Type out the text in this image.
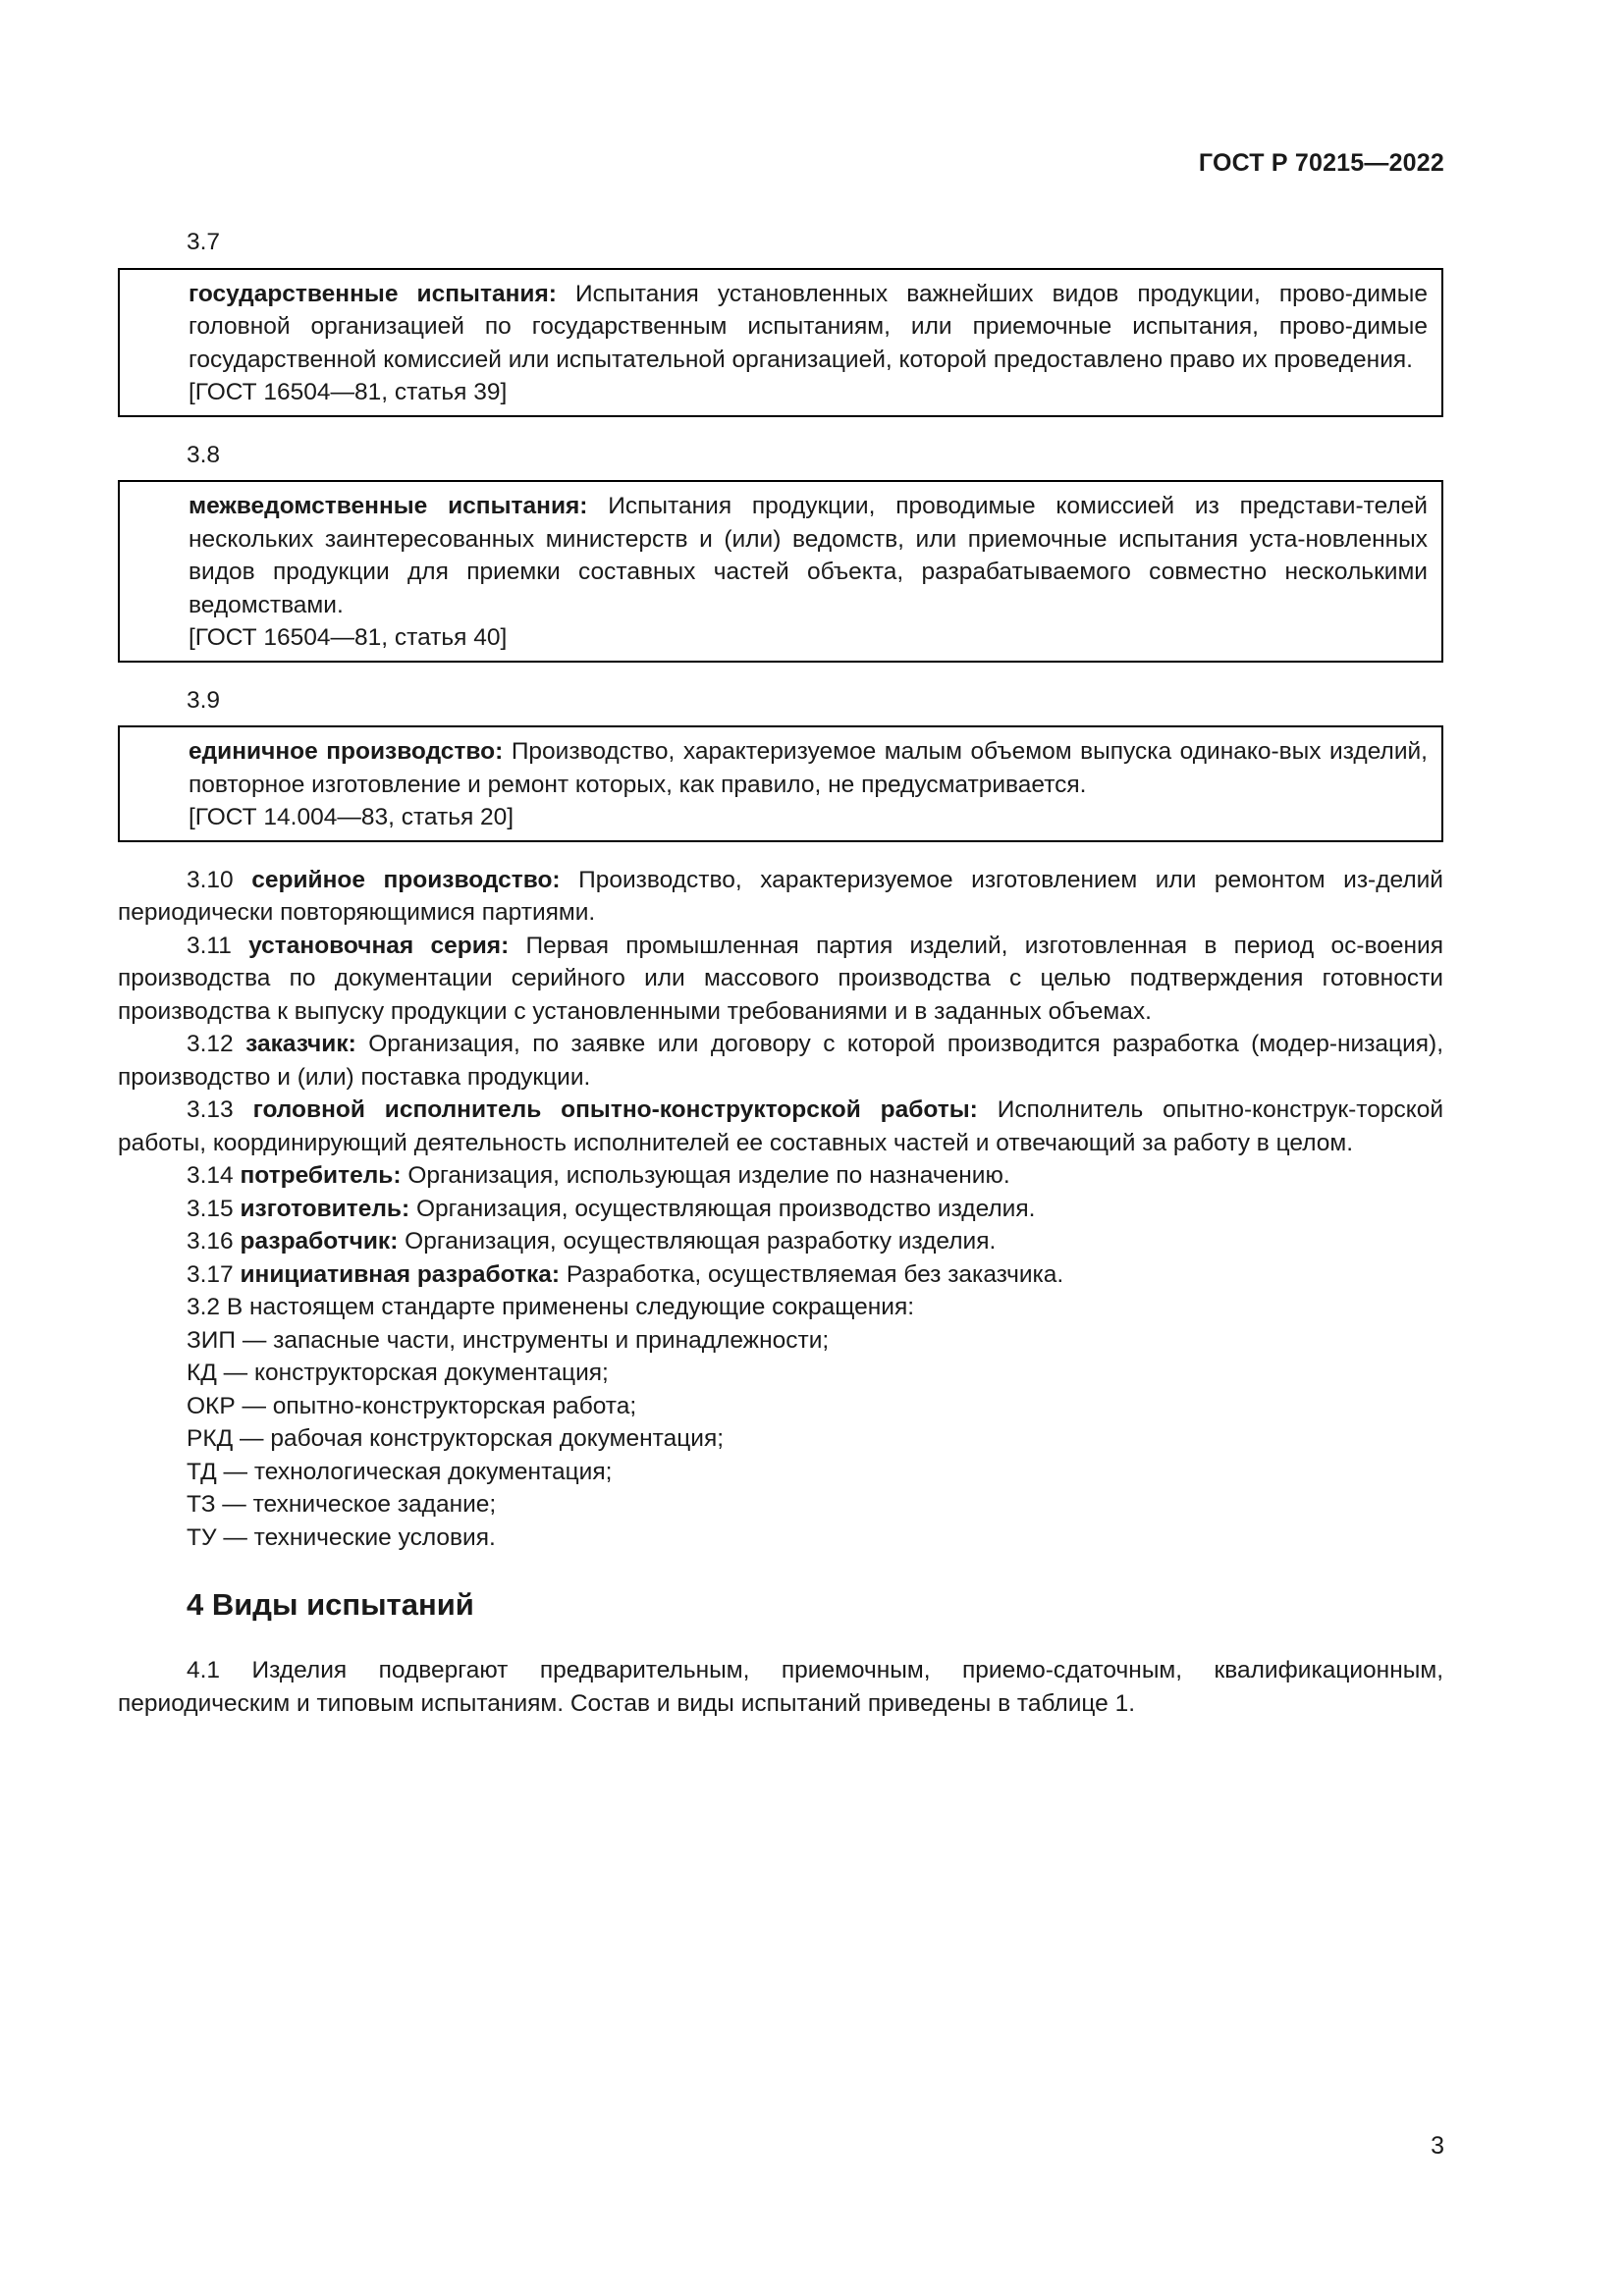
ГОСТ Р 70215—2022
3.7
государственные испытания: Испытания установленных важнейших видов продукции, прово-димые головной организацией по государственным испытаниям, или приемочные испытания, прово-димые государственной комиссией или испытательной организацией, которой предоставлено право их проведения.
[ГОСТ 16504—81, статья 39]
3.8
межведомственные испытания: Испытания продукции, проводимые комиссией из представи-телей нескольких заинтересованных министерств и (или) ведомств, или приемочные испытания уста-новленных видов продукции для приемки составных частей объекта, разрабатываемого совместно несколькими ведомствами.
[ГОСТ 16504—81, статья 40]
3.9
единичное производство: Производство, характеризуемое малым объемом выпуска одинако-вых изделий, повторное изготовление и ремонт которых, как правило, не предусматривается.
[ГОСТ 14.004—83, статья 20]

3.10 серийное производство: Производство, характеризуемое изготовлением или ремонтом из-делий периодически повторяющимися партиями.

3.11 установочная серия: Первая промышленная партия изделий, изготовленная в период ос-воения производства по документации серийного или массового производства с целью подтверждения готовности производства к выпуску продукции с установленными требованиями и в заданных объемах.

3.12 заказчик: Организация, по заявке или договору с которой производится разработка (модер-низация), производство и (или) поставка продукции.

3.13 головной исполнитель опытно-конструкторской работы: Исполнитель опытно-конструк-торской работы, координирующий деятельность исполнителей ее составных частей и отвечающий за работу в целом.

3.14 потребитель: Организация, использующая изделие по назначению.

3.15 изготовитель: Организация, осуществляющая производство изделия.

3.16 разработчик: Организация, осуществляющая разработку изделия.

3.17 инициативная разработка: Разработка, осуществляемая без заказчика.

3.2 В настоящем стандарте применены следующие сокращения:

ЗИП — запасные части, инструменты и принадлежности;

КД — конструкторская документация;

ОКР — опытно-конструкторская работа;

РКД — рабочая конструкторская документация;

ТД — технологическая документация;

ТЗ — техническое задание;

ТУ — технические условия.

4 Виды испытаний

4.1 Изделия подвергают предварительным, приемочным, приемо-сдаточным, квалификационным, периодическим и типовым испытаниям. Состав и виды испытаний приведены в таблице 1.

3
